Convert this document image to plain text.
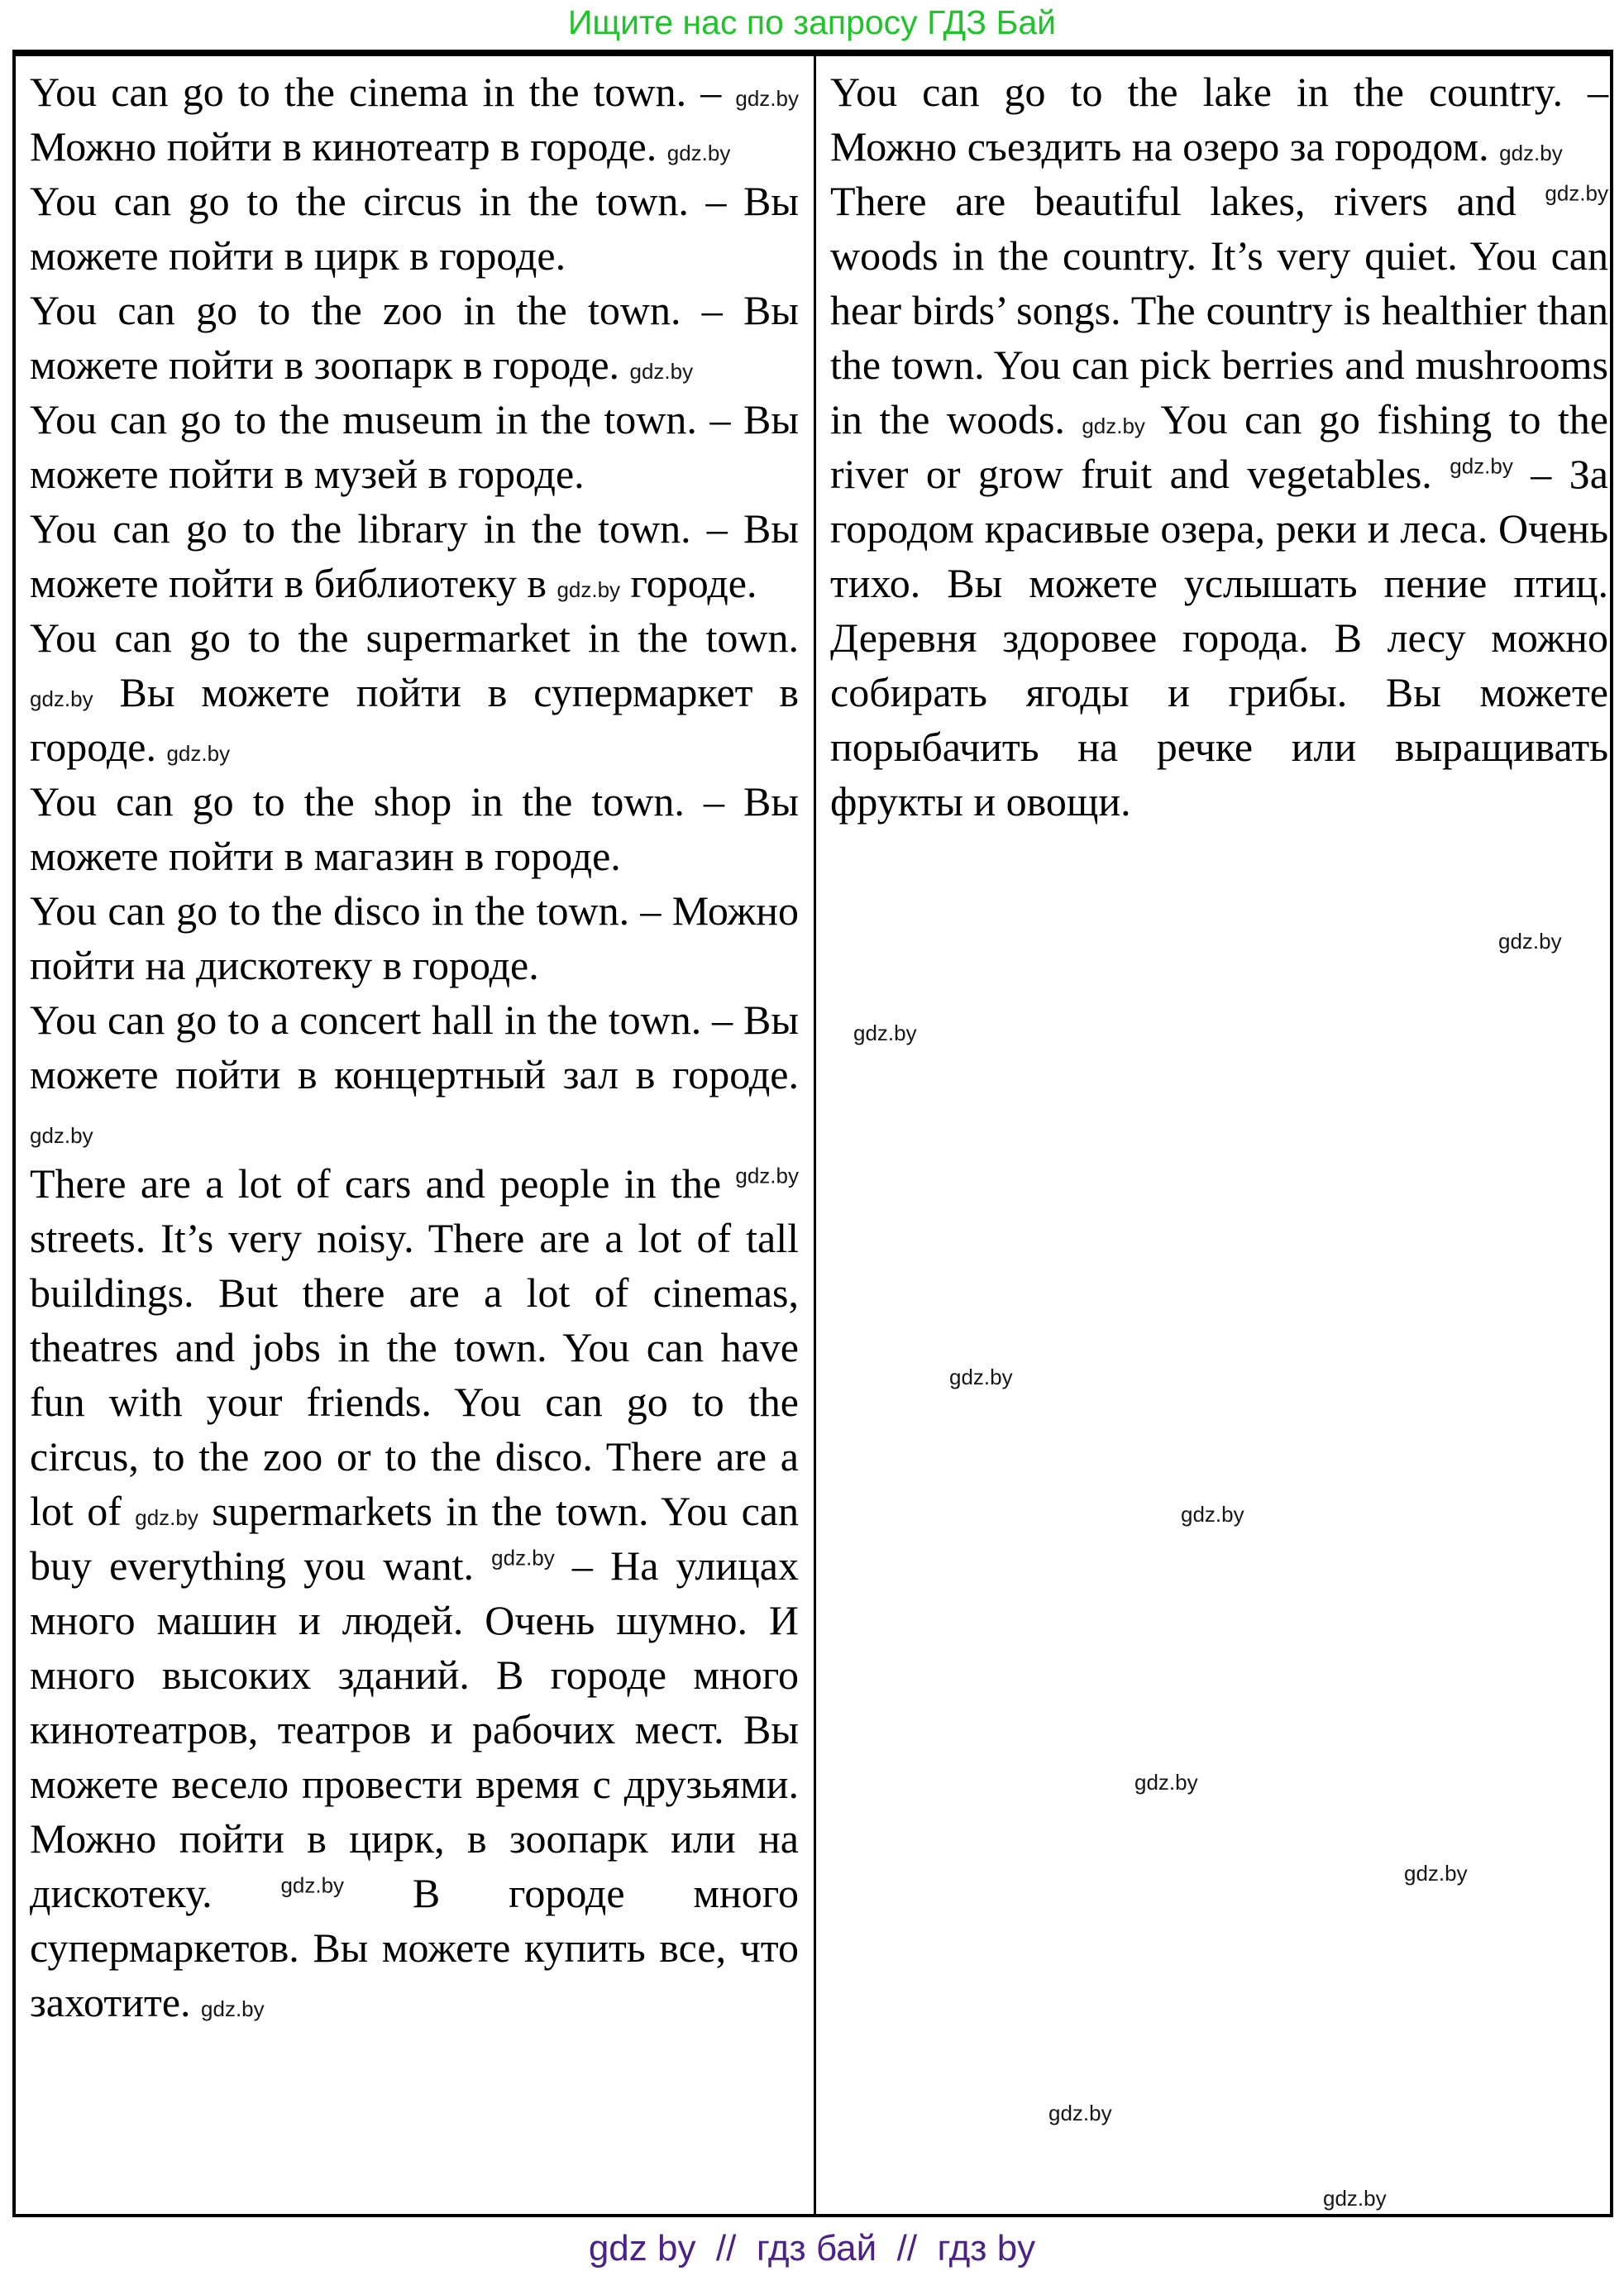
Ищите нас по запросу ГДЗ Бай

You can go to the cinema in the town. – gdz.by Можно пойти в кинотеатр в городе. gdz.by

You can go to the circus in the town. – Вы можете пойти в цирк в городе.

You can go to the zoo in the town. – Вы можете пойти в зоопарк в городе. gdz.by

You can go to the museum in the town. – Вы можете пойти в музей в городе.

You can go to the library in the town. – Вы можете пойти в библиотеку в gdz.by городе.

You can go to the supermarket in the town. gdz.by Вы можете пойти в супермаркет в городе. gdz.by

You can go to the shop in the town. – Вы можете пойти в магазин в городе.

You can go to the disco in the town. – Можно пойти на дискотеку в городе.

You can go to a concert hall in the town. – Вы можете пойти в концертный зал в городе. gdz.by

There are a lot of cars and people in the $^{gdz.by}$ streets. It’s very noisy. There are a lot of tall buildings. But there are a lot of cinemas, theatres and jobs in the town. You can have fun with your friends. You can go to the circus, to the zoo or to the disco. There are a lot of gdz.by supermarkets in the town. You can buy everything you want. $^{gdz.by}$ – На улицах много машин и людей. Очень шумно. И много высоких зданий. В городе много кинотеатров, театров и рабочих мест. Вы можете весело провести время с друзьями. Можно пойти в цирк, в зоопарк или на дискотеку. $^{gdz.by}$ В городе много супермаркетов. Вы можете купить все, что захотите. gdz.by

You can go to the lake in the country. – Можно съездить на озеро за городом. gdz.by

There are beautiful lakes, rivers and $^{gdz.by}$ woods in the country. It’s very quiet. You can hear birds’ songs. The country is healthier than the town. You can pick berries and mushrooms in the woods. gdz.by You can go fishing to the river or grow fruit and vegetables. $^{gdz.by}$ – За городом красивые озера, реки и леса. Очень тихо. Вы можете услышать пение птиц. Деревня здоровее города. В лесу можно собирать ягоды и грибы. Вы можете порыбачить на речке или выращивать фрукты и овощи.

gdz.by
gdz.by
gdz.by
gdz.by
gdz.by
gdz.by
gdz.by
gdz.by
gdz by  //  гдз бай  //  гдз by
